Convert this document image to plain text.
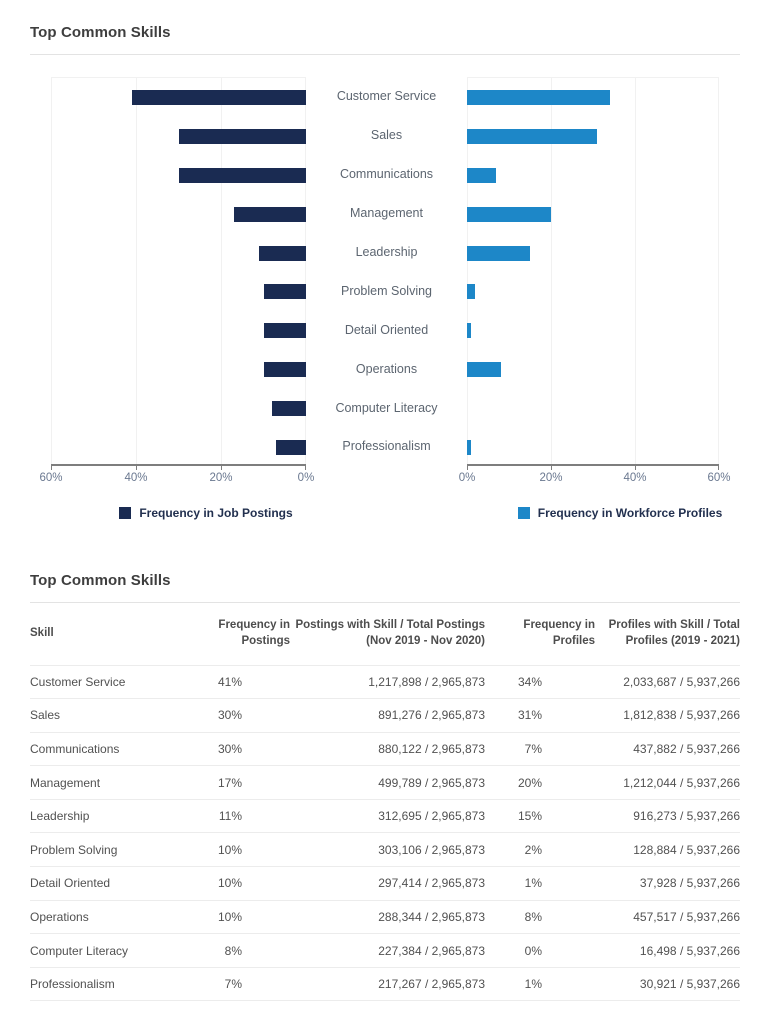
Top Common Skills
Customer Service
Sales
Communications
Management
Leadership
Problem Solving
Detail Oriented
Operations
Computer Literacy
Professionalism
60%	40%	20%	0%	0%	20%	40%	60%
Frequency in Job Postings	Frequency in Workforce Profiles
Top Common Skills
Skill	Frequency in Postings	Postings with Skill / Total Postings (Nov 2019 - Nov 2020)	Frequency in Profiles	Profiles with Skill / Total Profiles (2019 - 2021)
Customer Service	41%	1,217,898 / 2,965,873	34%	2,033,687 / 5,937,266
Sales	30%	891,276 / 2,965,873	31%	1,812,838 / 5,937,266
Communications	30%	880,122 / 2,965,873	7%	437,882 / 5,937,266
Management	17%	499,789 / 2,965,873	20%	1,212,044 / 5,937,266
Leadership	11%	312,695 / 2,965,873	15%	916,273 / 5,937,266
Problem Solving	10%	303,106 / 2,965,873	2%	128,884 / 5,937,266
Detail Oriented	10%	297,414 / 2,965,873	1%	37,928 / 5,937,266
Operations	10%	288,344 / 2,965,873	8%	457,517 / 5,937,266
Computer Literacy	8%	227,384 / 2,965,873	0%	16,498 / 5,937,266
Professionalism	7%	217,267 / 2,965,873	1%	30,921 / 5,937,266
